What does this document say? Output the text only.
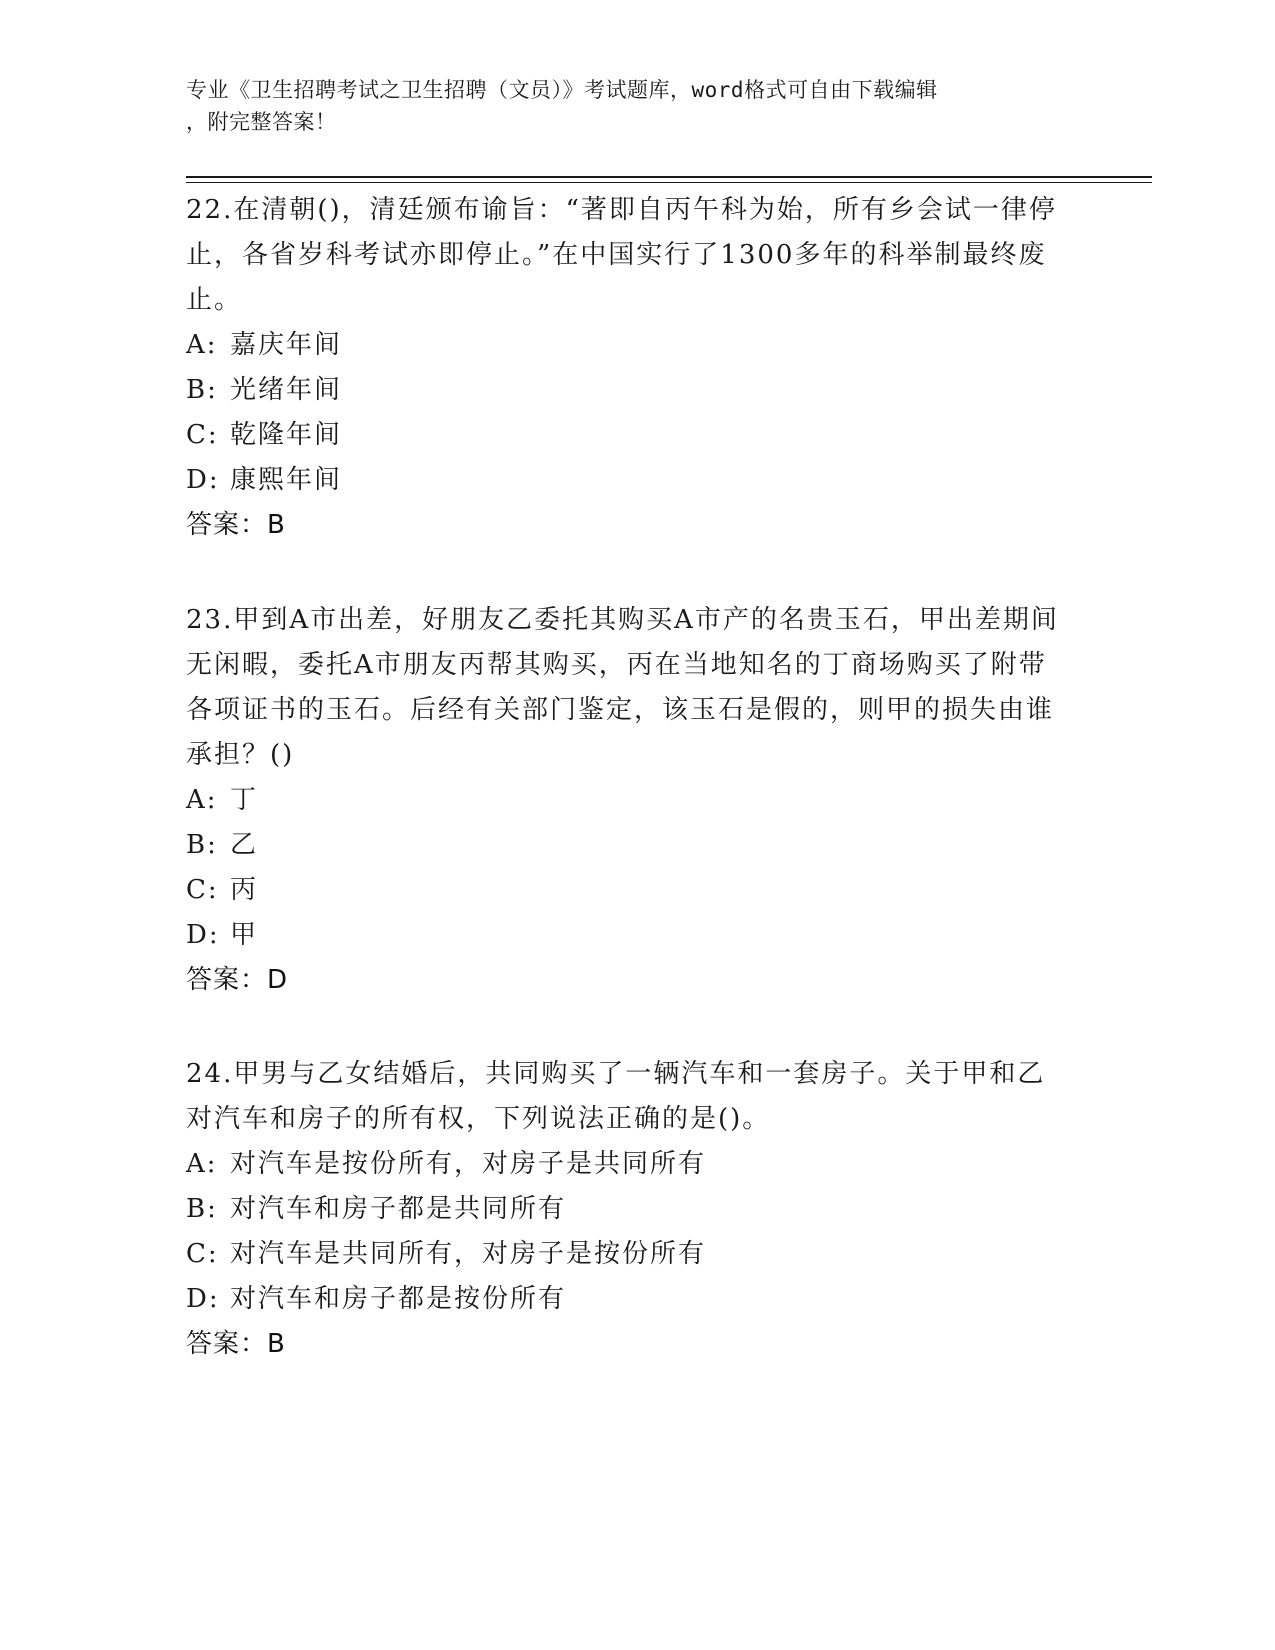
专业《卫生招聘考试之卫生招聘（文员）》考试题库，word格式可自由下载编辑
，附完整答案！

22.在清朝()，清廷颁布谕旨：“著即自丙午科为始，所有乡会试一律停止，各省岁科考试亦即停止。”在中国实行了1300多年的科举制最终废止。

A: 嘉庆年间
B: 光绪年间
C: 乾隆年间
D: 康熙年间
答案：B

23.甲到A市出差，好朋友乙委托其购买A市产的名贵玉石，甲出差期间无闲暇，委托A市朋友丙帮其购买，丙在当地知名的丁商场购买了附带各项证书的玉石。后经有关部门鉴定，该玉石是假的，则甲的损失由谁承担？()

A: 丁
B: 乙
C: 丙
D: 甲
答案：D

24.甲男与乙女结婚后，共同购买了一辆汽车和一套房子。关于甲和乙对汽车和房子的所有权，下列说法正确的是()。

A: 对汽车是按份所有，对房子是共同所有
B: 对汽车和房子都是共同所有
C: 对汽车是共同所有，对房子是按份所有
D: 对汽车和房子都是按份所有
答案：B
